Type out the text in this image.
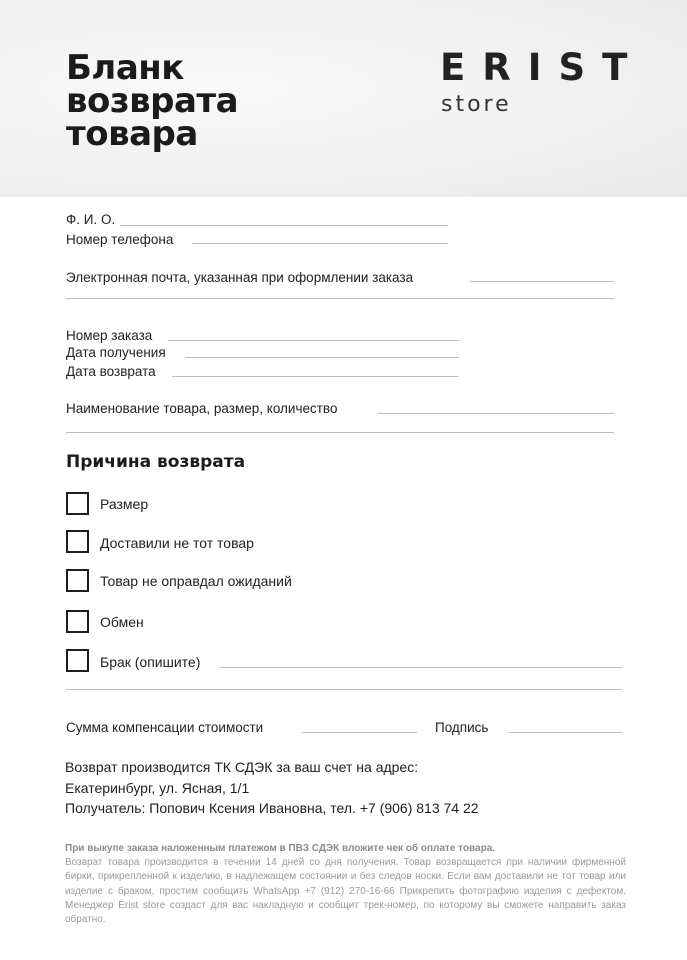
Бланк
возврата
товара
ERIST
store
Ф. И. О.
Номер телефона
Электронная почта, указанная при оформлении заказа
Номер заказа
Дата получения
Дата возврата
Наименование товара, размер, количество
Причина возврата
Размер
Доставили не тот товар
Товар не оправдал ожиданий
Обмен
Брак (опишите)
Сумма компенсации стоимости	Подпись
Возврат производится ТК СДЭК за ваш счет на адрес:
Екатеринбург, ул. Ясная, 1/1
Получатель: Попович Ксения Ивановна, тел. +7 (906) 813 74 22
При выкупе заказа наложенным платежом в ПВЗ СДЭК вложите чек об оплате товара.
Возврат товара производится в течении 14 дней со дня получения. Товар возвращается при наличии фирменной бирки, прикрепленной к изделию, в надлежащем состоянии и без следов носки. Если вам доставили не тот товар или изделие с браком, простим сообщить WhatsApp +7 (912) 270-16-66 Прикрепить фотографию изделия с дефектом. Менеджер Erist store создаст для вас накладную и сообщит трек-номер, по которому вы сможете направить заказ обратно.
